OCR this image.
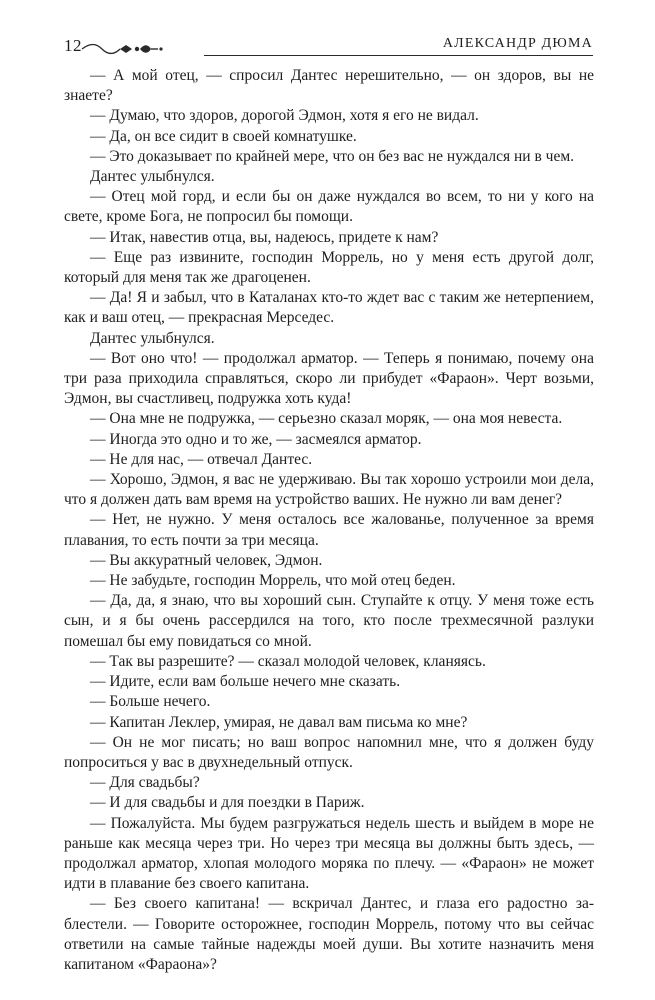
12	АЛЕКСАНДР ДЮМА

— А мой отец, — спросил Дантес нерешительно, — он здоров, вы не знаете?

— Думаю, что здоров, дорогой Эдмон, хотя я его не видал.

— Да, он все сидит в своей комнатушке.

— Это доказывает по крайней мере, что он без вас не нуждался ни в чем.

Дантес улыбнулся.

— Отец мой горд, и если бы он даже нуждался во всем, то ни у кого на свете, кроме Бога, не попросил бы помощи.

— Итак, навестив отца, вы, надеюсь, придете к нам?

— Еще раз извините, господин Моррель, но у меня есть другой долг, который для меня так же драгоценен.

— Да! Я и забыл, что в Каталанах кто-то ждет вас с таким же нетерпением, как и ваш отец, — прекрасная Мерседес.

Дантес улыбнулся.

— Вот оно что! — продолжал арматор. — Теперь я понимаю, почему она три раза приходила справляться, скоро ли прибудет «Фараон». Черт возьми, Эдмон, вы счастливец, подружка хоть куда!

— Она мне не подружка, — серьезно сказал моряк, — она моя невеста.

— Иногда это одно и то же, — засмеялся арматор.

— Не для нас, — отвечал Дантес.

— Хорошо, Эдмон, я вас не удерживаю. Вы так хорошо устроили мои дела, что я должен дать вам время на устройство ваших. Не нужно ли вам денег?

— Нет, не нужно. У меня осталось все жалованье, полученное за время плавания, то есть почти за три месяца.

— Вы аккуратный человек, Эдмон.

— Не забудьте, господин Моррель, что мой отец беден.

— Да, да, я знаю, что вы хороший сын. Ступайте к отцу. У меня тоже есть сын, и я бы очень рассердился на того, кто после трехмесячной разлуки помешал бы ему повидаться со мной.

— Так вы разрешите? — сказал молодой человек, кланяясь.

— Идите, если вам больше нечего мне сказать.

— Больше нечего.

— Капитан Леклер, умирая, не давал вам письма ко мне?

— Он не мог писать; но ваш вопрос напомнил мне, что я должен буду попроситься у вас в двухнедельный отпуск.

— Для свадьбы?

— И для свадьбы и для поездки в Париж.

— Пожалуйста. Мы будем разгружаться недель шесть и выйдем в море не раньше как месяца через три. Но через три месяца вы должны быть здесь, — продолжал арматор, хлопая молодого моряка по плечу. — «Фараон» не может идти в плавание без своего капитана.

— Без своего капитана! — вскричал Дантес, и глаза его радостно заблестели. — Говорите осторожнее, господин Моррель, потому что вы сейчас ответили на самые тайные надежды моей души. Вы хотите назначить меня капитаном «Фараона»?
